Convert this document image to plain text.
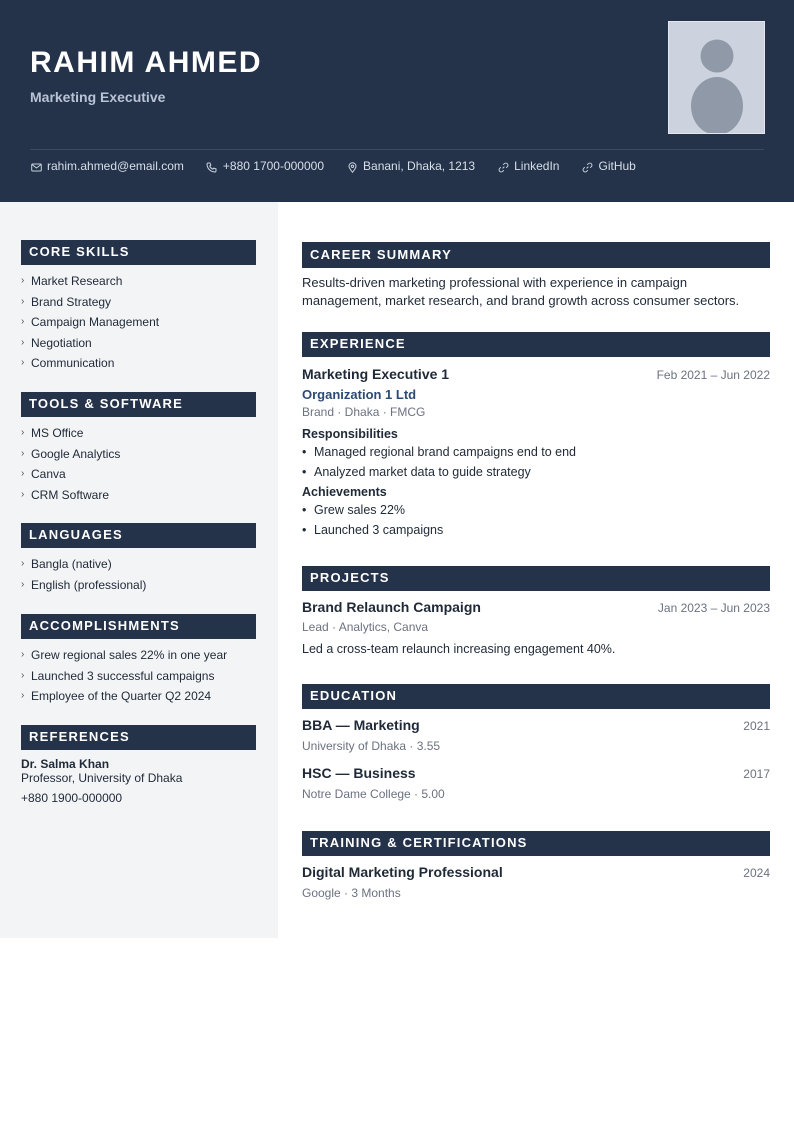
RAHIM AHMED
Marketing Executive
rahim.ahmed@email.com	+880 1700-000000	Banani, Dhaka, 1213	LinkedIn	GitHub
CORE SKILLS
› Market Research
› Brand Strategy
› Campaign Management
› Negotiation
› Communication
TOOLS & SOFTWARE
› MS Office
› Google Analytics
› Canva
› CRM Software
LANGUAGES
› Bangla (native)
› English (professional)
ACCOMPLISHMENTS
› Grew regional sales 22% in one year
› Launched 3 successful campaigns
› Employee of the Quarter Q2 2024
REFERENCES
Dr. Salma Khan
Professor, University of Dhaka
+880 1900-000000
CAREER SUMMARY
Results-driven marketing professional with experience in campaign management, market research, and brand growth across consumer sectors.
EXPERIENCE
Marketing Executive 1	Feb 2021 – Jun 2022
Organization 1 Ltd
Brand · Dhaka · FMCG
Responsibilities
• Managed regional brand campaigns end to end
• Analyzed market data to guide strategy
Achievements
• Grew sales 22%
• Launched 3 campaigns
PROJECTS
Brand Relaunch Campaign	Jan 2023 – Jun 2023
Lead · Analytics, Canva
Led a cross-team relaunch increasing engagement 40%.
EDUCATION
BBA — Marketing	2021
University of Dhaka · 3.55
HSC — Business	2017
Notre Dame College · 5.00
TRAINING & CERTIFICATIONS
Digital Marketing Professional	2024
Google · 3 Months
